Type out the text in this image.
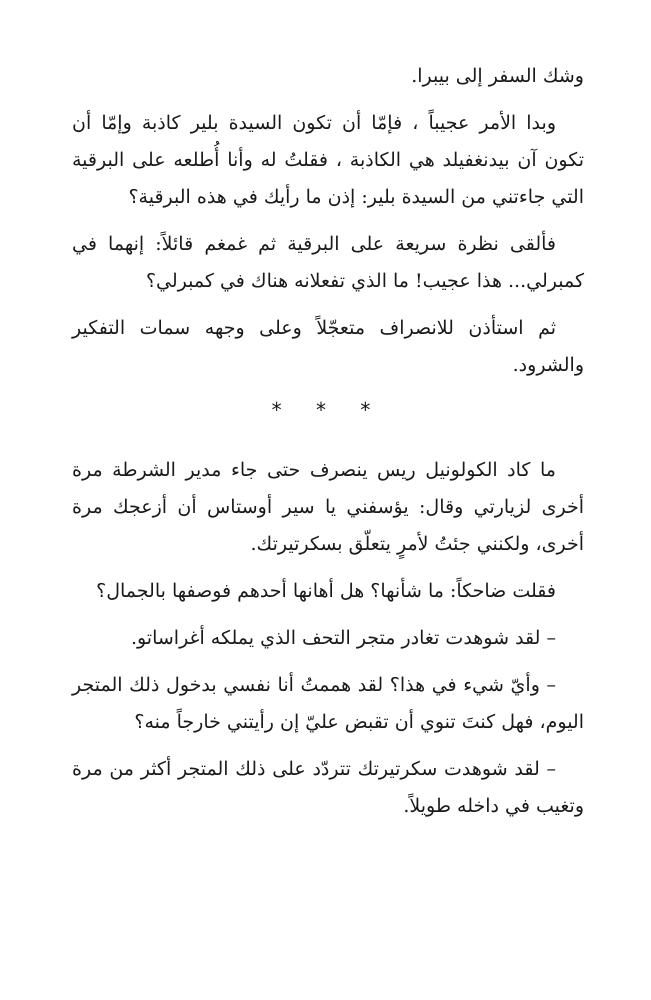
وشك السفر إلى بيبرا.

وبدا الأمر عجيباً ، فإمّا أن تكون السيدة بلير كاذبة وإمّا أن تكون آن بيدنغفيلد هي الكاذبة ، فقلتُ له وأنا أُطلعه على البرقية التي جاءتني من السيدة بلير: إذن ما رأيك في هذه البرقية؟

فألقى نظرة سريعة على البرقية ثم غمغم قائلاً: إنهما في كمبرلي... هذا عجيب! ما الذي تفعلانه هناك في كمبرلي؟

ثم استأذن للانصراف متعجّلاً وعلى وجهه سمات التفكير والشرود.

* * *

ما كاد الكولونيل ريس ينصرف حتى جاء مدير الشرطة مرة أخرى لزيارتي وقال: يؤسفني يا سير أوستاس أن أزعجك مرة أخرى، ولكنني جئتُ لأمرٍ يتعلّق بسكرتيرتك.

فقلت ضاحكاً: ما شأنها؟ هل أهانها أحدهم فوصفها بالجمال؟

– لقد شوهدت تغادر متجر التحف الذي يملكه أغراساتو.

– وأيّ شيء في هذا؟ لقد هممتُ أنا نفسي بدخول ذلك المتجر اليوم، فهل كنتَ تنوي أن تقبض عليّ إن رأيتني خارجاً منه؟

– لقد شوهدت سكرتيرتك تتردّد على ذلك المتجر أكثر من مرة وتغيب في داخله طويلاً.
